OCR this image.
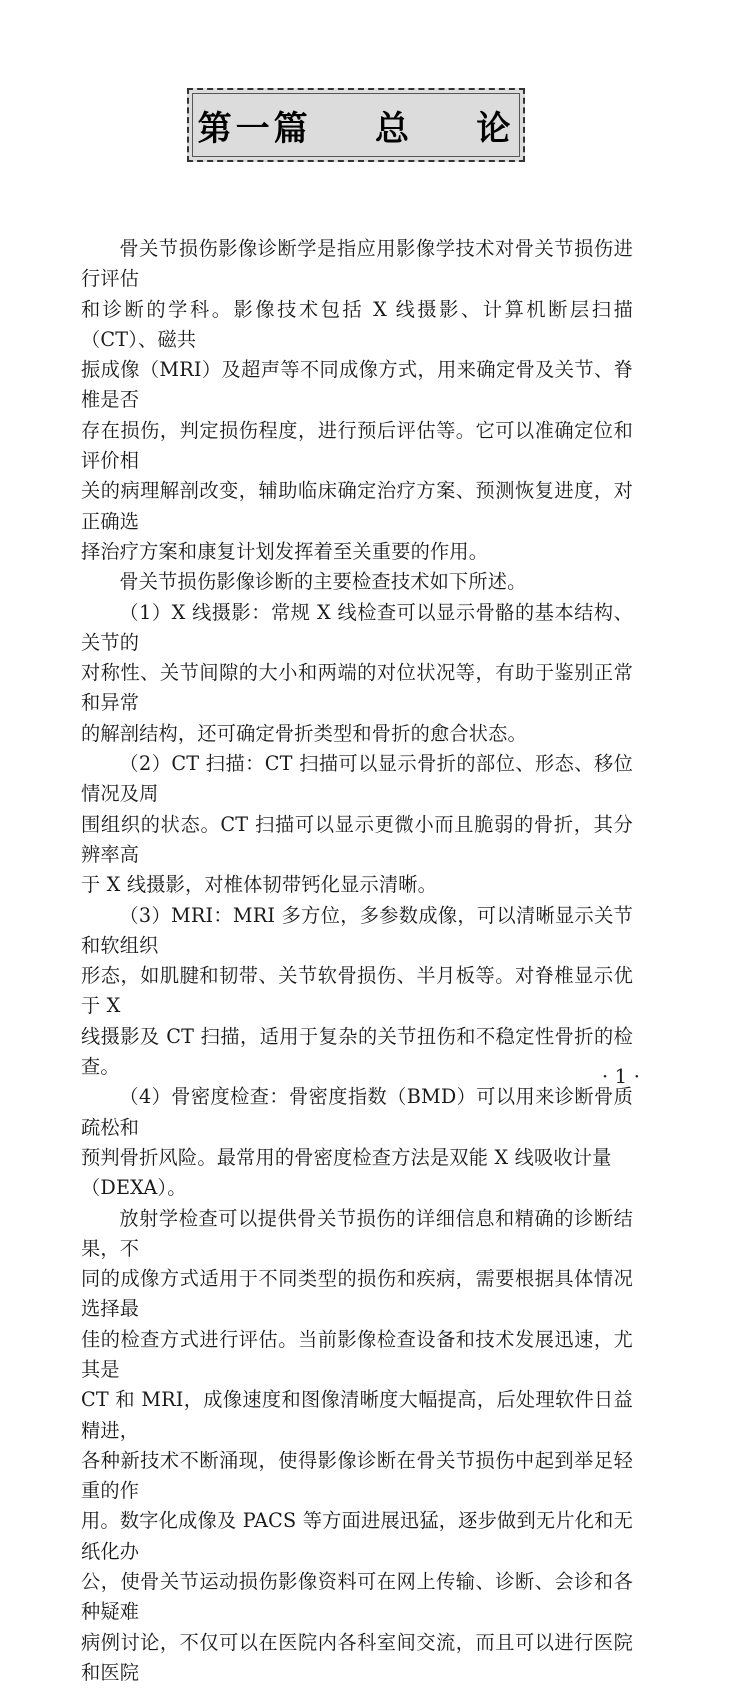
第一篇    总    论

骨关节损伤影像诊断学是指应用影像学技术对骨关节损伤进行评估
和诊断的学科。影像技术包括 X 线摄影、计算机断层扫描（CT）、磁共
振成像（MRI）及超声等不同成像方式，用来确定骨及关节、脊椎是否
存在损伤，判定损伤程度，进行预后评估等。它可以准确定位和评价相
关的病理解剖改变，辅助临床确定治疗方案、预测恢复进度，对正确选
择治疗方案和康复计划发挥着至关重要的作用。

骨关节损伤影像诊断的主要检查技术如下所述。

（1）X 线摄影：常规 X 线检查可以显示骨骼的基本结构、关节的
对称性、关节间隙的大小和两端的对位状况等，有助于鉴别正常和异常
的解剖结构，还可确定骨折类型和骨折的愈合状态。

（2）CT 扫描：CT 扫描可以显示骨折的部位、形态、移位情况及周
围组织的状态。CT 扫描可以显示更微小而且脆弱的骨折，其分辨率高
于 X 线摄影，对椎体韧带钙化显示清晰。

（3）MRI：MRI 多方位，多参数成像，可以清晰显示关节和软组织
形态，如肌腱和韧带、关节软骨损伤、半月板等。对脊椎显示优于 X
线摄影及 CT 扫描，适用于复杂的关节扭伤和不稳定性骨折的检查。

（4）骨密度检查：骨密度指数（BMD）可以用来诊断骨质疏松和
预判骨折风险。最常用的骨密度检查方法是双能 X 线吸收计量
（DEXA）。

放射学检查可以提供骨关节损伤的详细信息和精确的诊断结果，不
同的成像方式适用于不同类型的损伤和疾病，需要根据具体情况选择最
佳的检查方式进行评估。当前影像检查设备和技术发展迅速，尤其是
CT 和 MRI，成像速度和图像清晰度大幅提高，后处理软件日益精进，
各种新技术不断涌现，使得影像诊断在骨关节损伤中起到举足轻重的作
用。数字化成像及 PACS 等方面进展迅猛，逐步做到无片化和无纸化办
公，使骨关节运动损伤影像资料可在网上传输、诊断、会诊和各种疑难
病例讨论，不仅可以在医院内各科室间交流，而且可以进行医院和医院

· 1 ·
